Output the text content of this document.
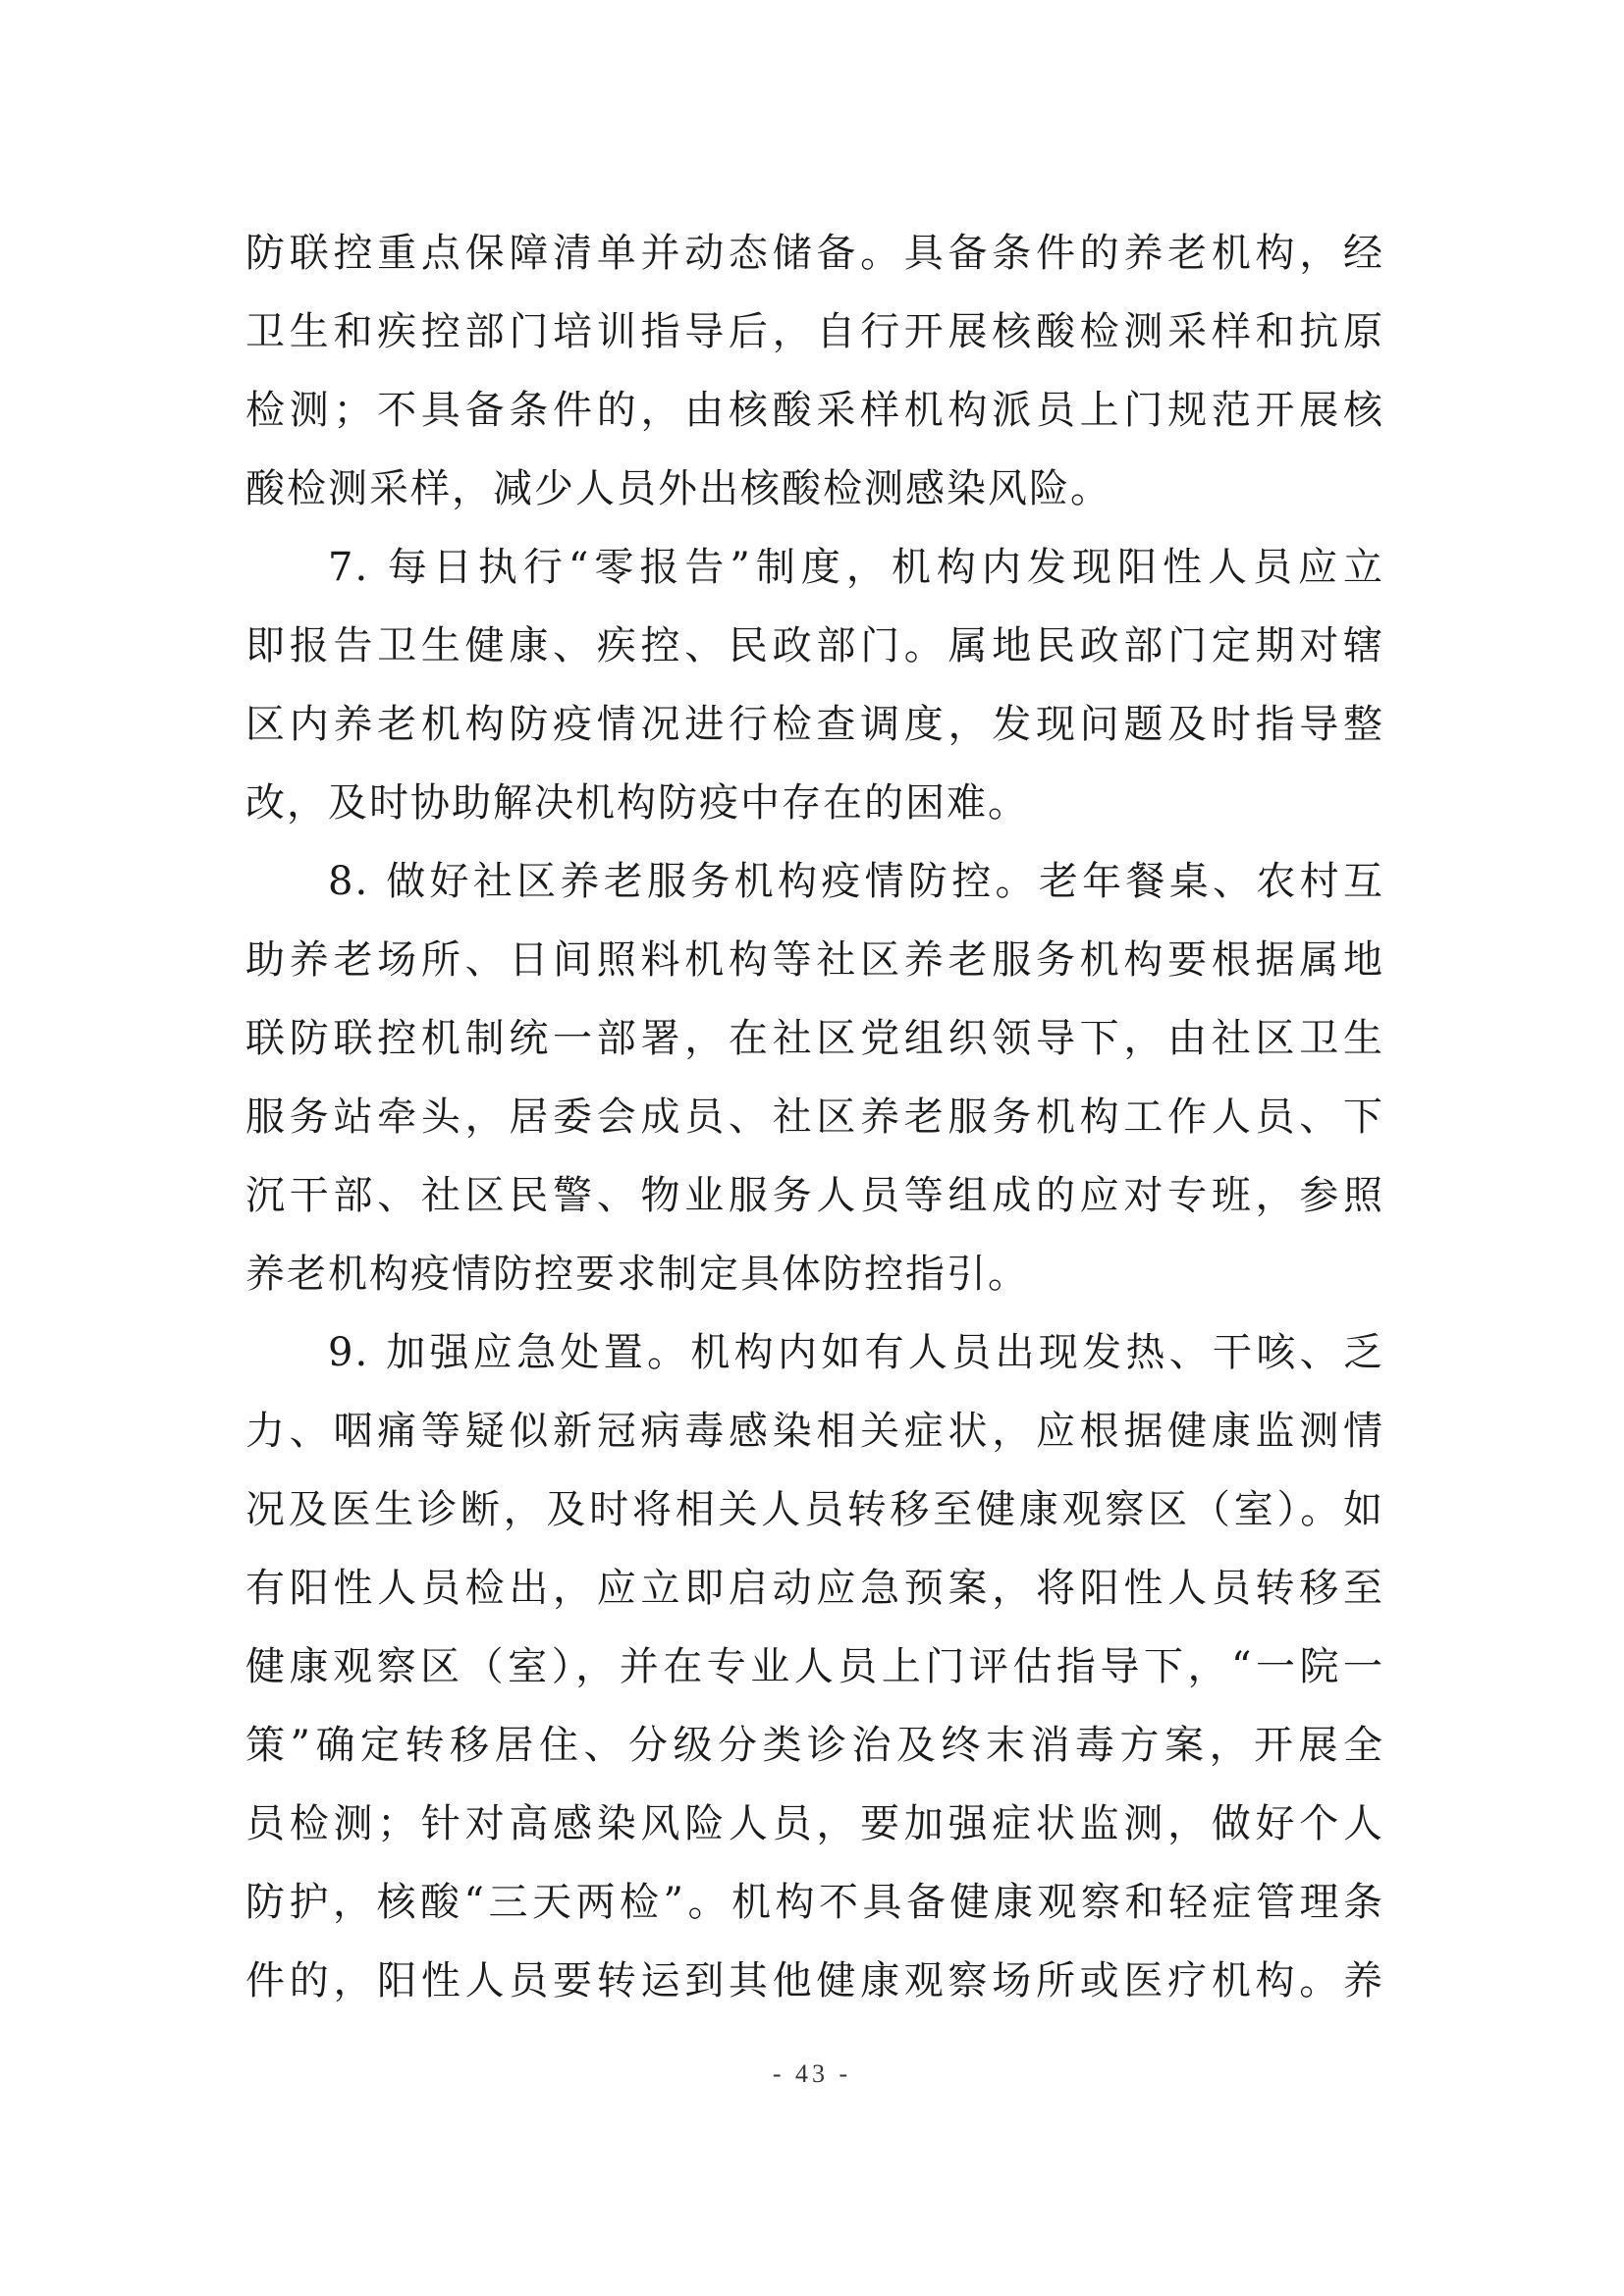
防联控重点保障清单并动态储备。具备条件的养老机构，经
卫生和疾控部门培训指导后，自行开展核酸检测采样和抗原
检测；不具备条件的，由核酸采样机构派员上门规范开展核
酸检测采样，减少人员外出核酸检测感染风险。
7. 每日执行“零报告”制度，机构内发现阳性人员应立
即报告卫生健康、疾控、民政部门。属地民政部门定期对辖
区内养老机构防疫情况进行检查调度，发现问题及时指导整
改，及时协助解决机构防疫中存在的困难。
8. 做好社区养老服务机构疫情防控。老年餐桌、农村互
助养老场所、日间照料机构等社区养老服务机构要根据属地
联防联控机制统一部署，在社区党组织领导下，由社区卫生
服务站牵头，居委会成员、社区养老服务机构工作人员、下
沉干部、社区民警、物业服务人员等组成的应对专班，参照
养老机构疫情防控要求制定具体防控指引。
9. 加强应急处置。机构内如有人员出现发热、干咳、乏
力、咽痛等疑似新冠病毒感染相关症状，应根据健康监测情
况及医生诊断，及时将相关人员转移至健康观察区（室）。如
有阳性人员检出，应立即启动应急预案，将阳性人员转移至
健康观察区（室），并在专业人员上门评估指导下，“一院一
策”确定转移居住、分级分类诊治及终末消毒方案，开展全
员检测；针对高感染风险人员，要加强症状监测，做好个人
防护，核酸“三天两检”。机构不具备健康观察和轻症管理条
件的，阳性人员要转运到其他健康观察场所或医疗机构。养
- 43 -
